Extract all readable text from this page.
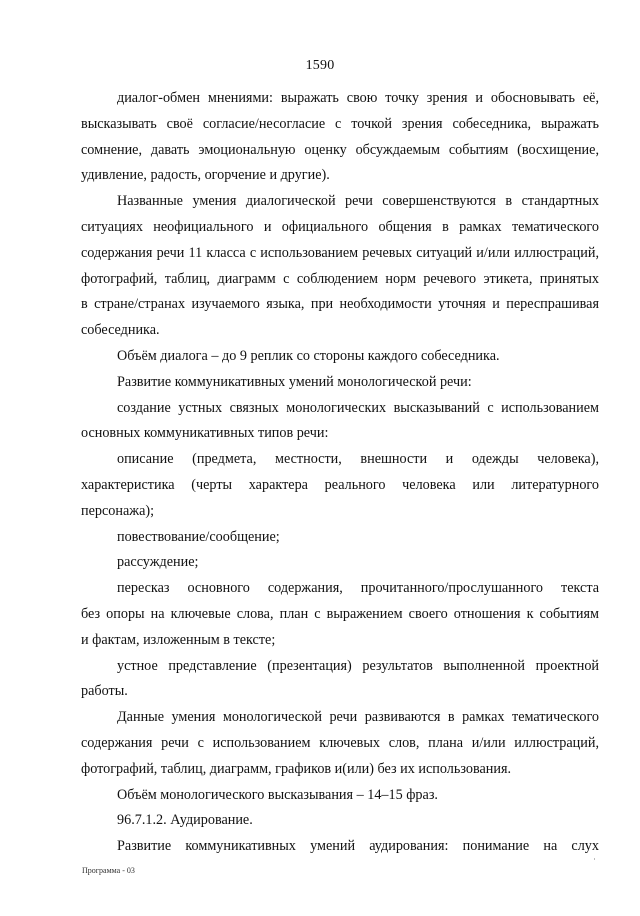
1590
диалог-обмен мнениями: выражать свою точку зрения и обосновывать её,
высказывать своё согласие/несогласие с точкой зрения собеседника, выражать
сомнение, давать эмоциональную оценку обсуждаемым событиям (восхищение,
удивление, радость, огорчение и другие).
Названные умения диалогической речи совершенствуются в стандартных
ситуациях неофициального и официального общения в рамках тематического
содержания речи 11 класса с использованием речевых ситуаций и/или иллюстраций,
фотографий, таблиц, диаграмм с соблюдением норм речевого этикета, принятых
в стране/странах изучаемого языка, при необходимости уточняя и переспрашивая
собеседника.
Объём диалога – до 9 реплик со стороны каждого собеседника.
Развитие коммуникативных умений монологической речи:
создание устных связных монологических высказываний с использованием
основных коммуникативных типов речи:
описание (предмета, местности, внешности и одежды человека),
характеристика (черты характера реального человека или литературного
персонажа);
повествование/сообщение;
рассуждение;
пересказ основного содержания, прочитанного/прослушанного текста
без опоры на ключевые слова, план с выражением своего отношения к событиям
и фактам, изложенным в тексте;
устное представление (презентация) результатов выполненной проектной
работы.
Данные умения монологической речи развиваются в рамках тематического
содержания речи с использованием ключевых слов, плана и/или иллюстраций,
фотографий, таблиц, диаграмм, графиков и(или) без их использования.
Объём монологического высказывания – 14–15 фраз.
96.7.1.2. Аудирование.
Развитие коммуникативных умений аудирования: понимание на слух
Программа - 03
